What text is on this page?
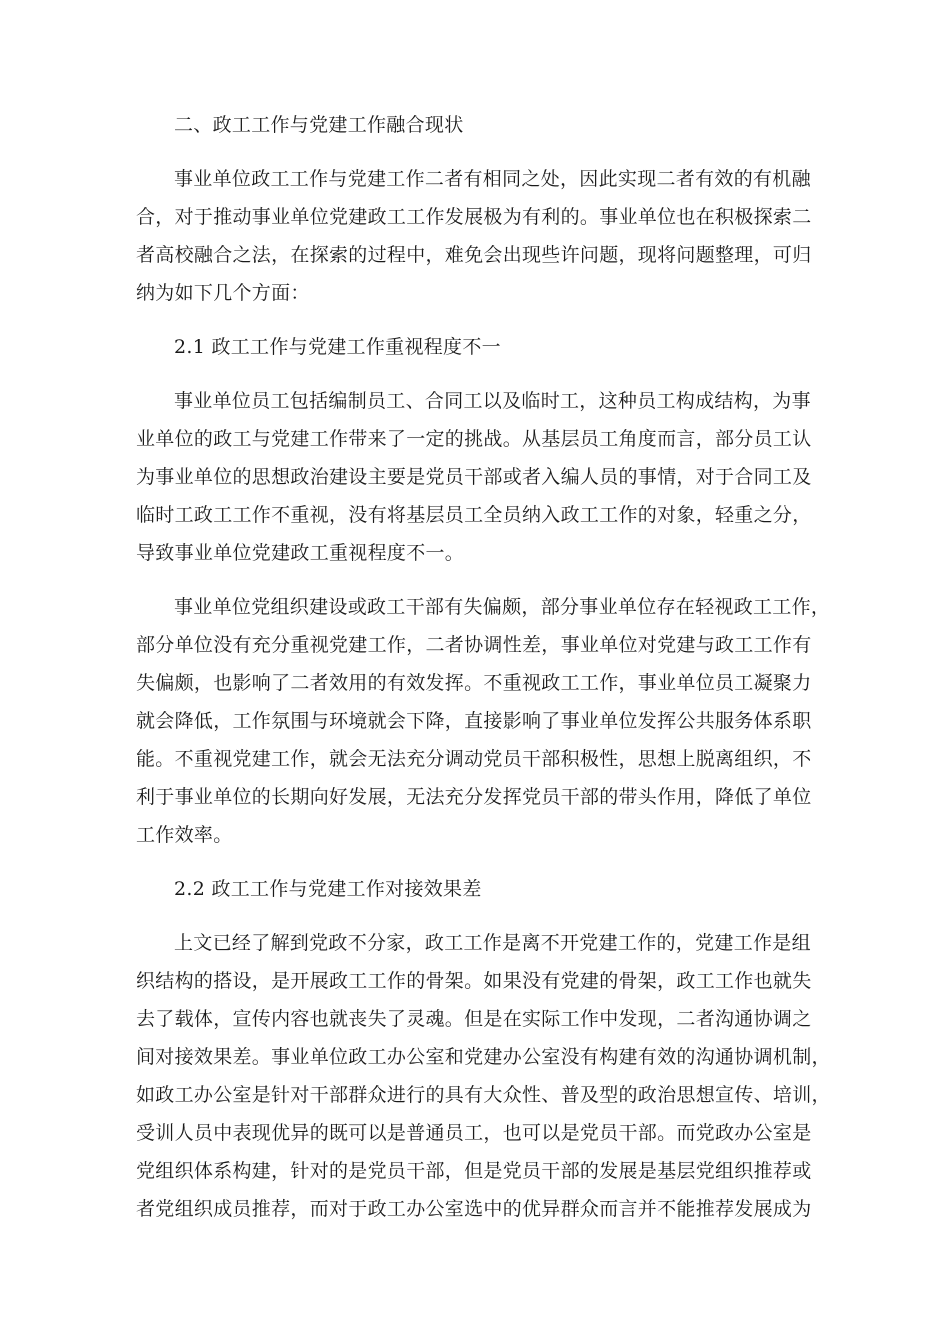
二、政工工作与党建工作融合现状
事业单位政工工作与党建工作二者有相同之处，因此实现二者有效的有机融
合，对于推动事业单位党建政工工作发展极为有利的。事业单位也在积极探索二
者高校融合之法，在探索的过程中，难免会出现些许问题，现将问题整理，可归
纳为如下几个方面：
2.1 政工工作与党建工作重视程度不一
事业单位员工包括编制员工、合同工以及临时工，这种员工构成结构，为事
业单位的政工与党建工作带来了一定的挑战。从基层员工角度而言，部分员工认
为事业单位的思想政治建设主要是党员干部或者入编人员的事情，对于合同工及
临时工政工工作不重视，没有将基层员工全员纳入政工工作的对象，轻重之分，
导致事业单位党建政工重视程度不一。
事业单位党组织建设或政工干部有失偏颇，部分事业单位存在轻视政工工作，
部分单位没有充分重视党建工作，二者协调性差，事业单位对党建与政工工作有
失偏颇，也影响了二者效用的有效发挥。不重视政工工作，事业单位员工凝聚力
就会降低，工作氛围与环境就会下降，直接影响了事业单位发挥公共服务体系职
能。不重视党建工作，就会无法充分调动党员干部积极性，思想上脱离组织，不
利于事业单位的长期向好发展，无法充分发挥党员干部的带头作用，降低了单位
工作效率。
2.2 政工工作与党建工作对接效果差
上文已经了解到党政不分家，政工工作是离不开党建工作的，党建工作是组
织结构的搭设，是开展政工工作的骨架。如果没有党建的骨架，政工工作也就失
去了载体，宣传内容也就丧失了灵魂。但是在实际工作中发现，二者沟通协调之
间对接效果差。事业单位政工办公室和党建办公室没有构建有效的沟通协调机制，
如政工办公室是针对干部群众进行的具有大众性、普及型的政治思想宣传、培训，
受训人员中表现优异的既可以是普通员工，也可以是党员干部。而党政办公室是
党组织体系构建，针对的是党员干部，但是党员干部的发展是基层党组织推荐或
者党组织成员推荐，而对于政工办公室选中的优异群众而言并不能推荐发展成为
